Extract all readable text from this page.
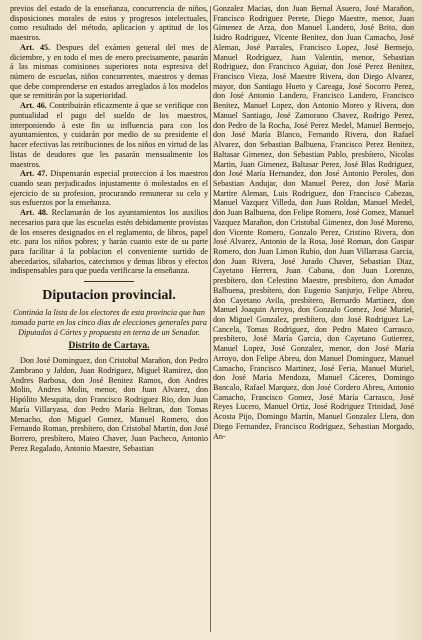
previos del estado de la enseñanza, concurrencia de niños, disposiciones morales de estos y progresos intelectuales, como resultado del método, aplicacion y aptitud de los maestros.

Art. 45. Despues del exámen general del mes de diciembre, y en todo el mes de enero precisamente, pasarán á las mismas comisiones superiores nota espresiva del número de escuelas, niños concurrentes, maestros y demas que debe comprenderse en estados arreglados á los modelos que se remitirán por la superioridad.

Art. 46. Contribuirán eficazmente á que se verifique con puntualidad el pago del sueldo de los maestros, interponiendo á este fin su influencia para con los ayuntamientos, y cuidarán por medio de su presidente el hacer efectivas las retribuciones de los niños en virtud de las listas de deudores que les pasarán mensualmente los maestros.

Art. 47. Dispensarán especial proteccion á los maestros cuando sean perjudicados injustamente ó molestados en el ejercicio de su profesion, procurando remunerar su celo y sus esfuerzos por la enseñanza.

Art. 48. Reclamarán de los ayuntamientos los auxilios necesarios para que las escuelas estén debidamente provistas de los enseres designados en el reglamento, de libros, papel etc. para los niños pobres; y harán cuanto este de su parte para facilitar á la poblacion el conveniente surtido de abecedarios, silabarios, catecismos y demas libros y efectos indispensables para que pueda verificarse la enseñanza.

Diputacion provincial.

Continúa la lista de los electores de esta provincia que han tomado parte en los cinco dias de elecciones generales para Diputados á Córtes y propuesta en terna de un Senador.

Distrito de Cartaya.

Don José Dominguez, don Cristobal Marañon, don Pedro Zambrano y Jaldon, Juan Rodriguez, Miguel Ramirez, don Andres Barbosa, don José Benitez Ramos, don Andres Molin, Andres Molin, menor, don Juan Alvarez, don Hipólito Mesquita, don Francisco Rodriguez Rio, don Juan María Villaryasa, don Pedro María Beltran, don Tomas Menacho, don Miguel Gomez, Manuel Romero, don Fernando Roman, presbítero, don Cristobal Martin, don José Borrero, presbítero, Mateo Chaver, Juan Pacheco, Antonio Perez Regalado, Antonio Maestre, Sebastian

Gonzalez Macias, don Juan Bernal Asuero, José Marañon, Francisco Rodriguez Perete, Diego Maestre, menor, Juan Gimenez de Arza, don Manuel Landero, José Brito, don Isidro Rodriguez, Vicente Benitez, don Juan Camacho, José Aleman, José Parrales, Francisco Lopez, José Bermejo, Manuel Rodriguez, Juan Valentin, menor, Sebastian Rodriguez, don Francisco Aguiar, don José Perez Benitez, Francisco Vieza, José Maestre Rivera, don Diego Alvarez, mayor, don Santiago Hueto y Careaga, José Socorro Perez, don José Antonio Landero, Francisco Landero, Francisco Benitez, Manuel Lopez, don Antonio Moreo y Rivera, don Manuel Santiago, José Zamorano Chavez, Rodrigo Perez, don Pedro de la Rocha, José Perez Medel, Manuel Bermejo, don José María Blanco, Fernando Rivera, don Rafael Alvarez, don Sebastian Balbuena, Francisco Perez Benitez, Baltasar Gimenez, don Sebastian Pablo, presbítero, Nicolas Martin, Juan Gimenez, Baltasar Perez, José Blas Rodriguez, don José María Hernandez, don José Antonio Peroles, don Sebastian Andujar, don Manuel Perez, don José María Martire Aleman, Luis Rodriguez, don Francisco Cabezas, Manuel Vazquez Villeda, don Juan Roldan, Manuel Medel, don Juan Balbuena, don Felipe Romero, José Gomez, Manuel Vazquez Marañon, don Cristobal Gimenez, don José Moreno, don Vicente Romero, Gonzalo Perez, Cristino Rivera, don José Alvarez, Antonio de la Rosa, José Roman, don Gaspar Romero, don Juan Limon Rubio, don Juan Villarrasa Garcia, don Juan Rivera, José Jurado Chaver, Sebastian Diaz, Cayetano Herrera, Juan Cabana, don Juan Lorenzo, presbítero, don Celestino Maestre, presbítero, don Amador Balbuena, presbítero, don Eugenio Sanjurjo, Felipe Abreu, don Cayetano Avila, presbítero, Bernardo Martinez, don Manuel Joaquin Arroyo, don Gonzalo Gomez, José Muriel, don Miguel Gonzalez, presbítero, don José Rodriguez La-Cancela, Tomas Rodriguez, don Pedro Mateo Carrasco, presbítero, José María Garcia, don Cayetano Gutierrez, Manuel Lopez, José Gonzalez, menor, don José María Arroyo, don Felipe Abreu, don Manuel Dominguez, Manuel Camacho, Francisco Martinez, José Feria, Manuel Muriel, don José María Mendoza, Manuel Cáceres, Domingo Bancalo, Rafael Marquez, don José Cordero Abreu, Antonio Camacho, Francisco Gomez, José María Carrasco, José Reyes Lucero, Manuel Ortiz, José Rodriguez Trinidad, José Acosta Pijo, Domingo Martin, Manuel Gonzalez Llera, don Diego Fernandez, Francisco Rodriguez, Sebastian Morgado, An-
